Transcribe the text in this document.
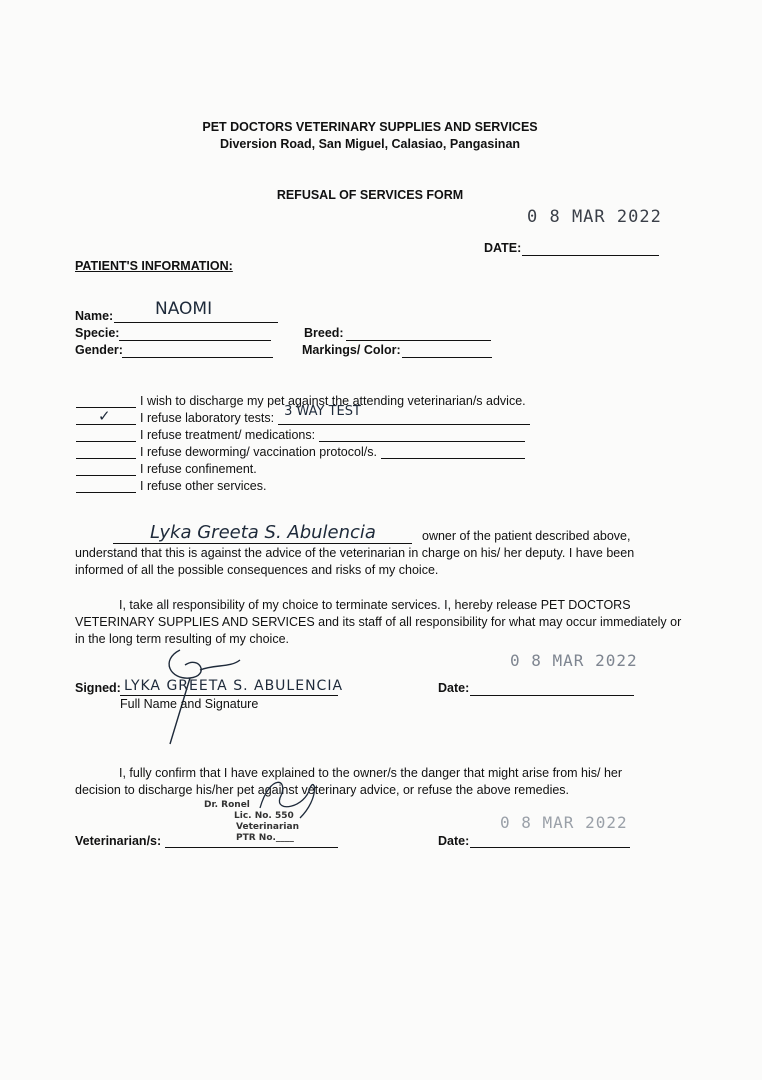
PET DOCTORS VETERINARY SUPPLIES AND SERVICES
Diversion Road, San Miguel, Calasiao, Pangasinan
REFUSAL OF SERVICES FORM
0 8 MAR 2022
DATE:
PATIENT'S INFORMATION:
Name: NAOMI
Specie:	Breed:
Gender:	Markings/ Color:
I wish to discharge my pet against the attending veterinarian/s advice.
✓ I refuse laboratory tests: 3 WAY TEST
I refuse treatment/ medications:
I refuse deworming/ vaccination protocol/s.
I refuse confinement.
I refuse other services.
Lyka Greeta S. Abulencia	owner of the patient described above,
understand that this is against the advice of the veterinarian in charge on his/ her deputy. I have been
informed of all the possible consequences and risks of my choice.
I, take all responsibility of my choice to terminate services. I, hereby release PET DOCTORS
VETERINARY SUPPLIES AND SERVICES and its staff of all responsibility for what may occur immediately or
in the long term resulting of my choice.
0 8 MAR 2022
Signed: LYKA GREETA S. ABULENCIA
Full Name and Signature
Date:
I, fully confirm that I have explained to the owner/s the danger that might arise from his/ her
decision to discharge his/her pet against veterinary advice, or refuse the above remedies.
Dr. Ronel
Lic. No. 550
Veterinarian
PTR No.____
Veterinarian/s:	Date:
0 8 MAR 2022
